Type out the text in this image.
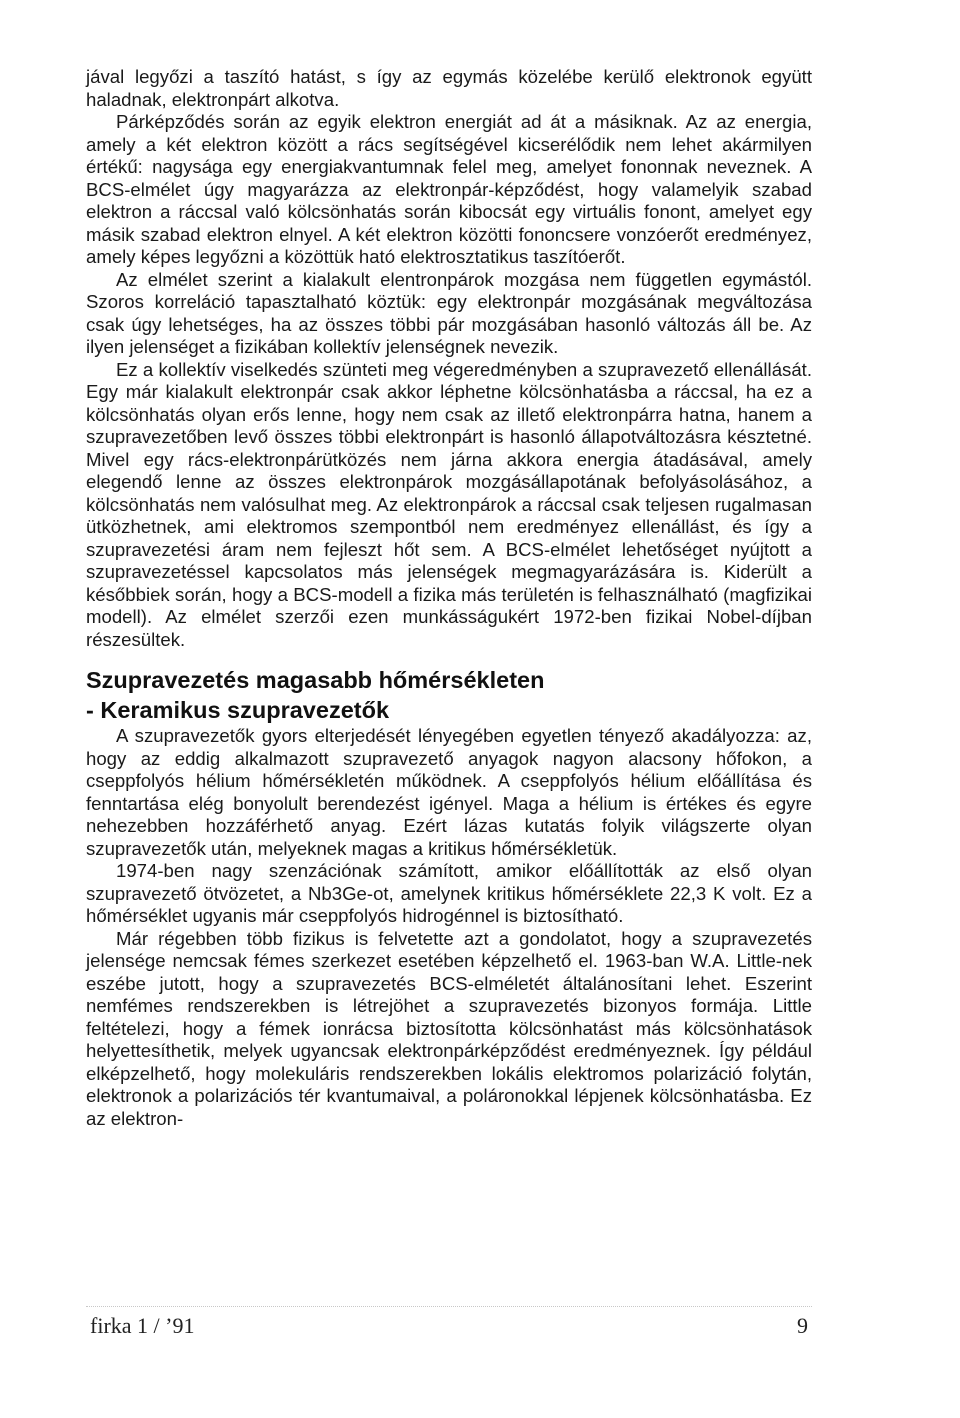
jával legyőzi a taszító hatást, s így az egymás közelébe kerülő elektronok együtt haladnak, elektronpárt alkotva.

Párképződés során az egyik elektron energiát ad át a másiknak. Az az energia, amely a két elektron között a rács segítségével kicserélődik nem lehet akármilyen értékű: nagysága egy energiakvantumnak felel meg, amelyet fononnak neveznek. A BCS-elmélet úgy magyarázza az elektronpár-képződést, hogy valamelyik szabad elektron a ráccsal való kölcsönhatás során kibocsát egy virtuális fonont, amelyet egy másik szabad elektron elnyel. A két elektron közötti fononcsere vonzóerőt eredményez, amely képes legyőzni a közöttük ható elektrosztatikus taszítóerőt.

Az elmélet szerint a kialakult elentronpárok mozgása nem független egymástól. Szoros korreláció tapasztalható köztük: egy elektronpár mozgásának megváltozása csak úgy lehetséges, ha az összes többi pár mozgásában hasonló változás áll be. Az ilyen jelenséget a fizikában kollektív jelenségnek nevezik.

Ez a kollektív viselkedés szünteti meg végeredményben a szupravezető ellenállását. Egy már kialakult elektronpár csak akkor léphetne kölcsönhatásba a ráccsal, ha ez a kölcsönhatás olyan erős lenne, hogy nem csak az illető elektronpárra hatna, hanem a szupravezetőben levő összes többi elektronpárt is hasonló állapotváltozásra késztetné. Mivel egy rács-elektronpárütközés nem járna akkora energia átadásával, amely elegendő lenne az összes elektronpárok mozgásállapotának befolyásolásához, a kölcsönhatás nem valósulhat meg. Az elektronpárok a ráccsal csak teljesen rugalmasan ütközhetnek, ami elektromos szempontból nem eredményez ellenállást, és így a szupravezetési áram nem fejleszt hőt sem. A BCS-elmélet lehetőséget nyújtott a szupravezetéssel kapcsolatos más jelenségek megmagyarázására is. Kiderült a későbbiek során, hogy a BCS-modell a fizika más területén is felhasználható (magfizikai modell). Az elmélet szerzői ezen munkásságukért 1972-ben fizikai Nobel-díjban részesültek.

Szupravezetés magasabb hőmérsékleten
- Keramikus szupravezetők

A szupravezetők gyors elterjedését lényegében egyetlen tényező akadályozza: az, hogy az eddig alkalmazott szupravezető anyagok nagyon alacsony hőfokon, a cseppfolyós hélium hőmérsékletén működnek. A cseppfolyós hélium előállítása és fenntartása elég bonyolult berendezést igényel. Maga a hélium is értékes és egyre nehezebben hozzáférhető anyag. Ezért lázas kutatás folyik világszerte olyan szupravezetők után, melyeknek magas a kritikus hőmérsékletük.

1974-ben nagy szenzációnak számított, amikor előállították az első olyan szupravezető ötvözetet, a Nb3Ge-ot, amelynek kritikus hőmérséklete 22,3 K volt. Ez a hőmérséklet ugyanis már cseppfolyós hidrogénnel is biztosítható.

Már régebben több fizikus is felvetette azt a gondolatot, hogy a szupravezetés jelensége nemcsak fémes szerkezet esetében képzelhető el. 1963-ban W.A. Little-nek eszébe jutott, hogy a szupravezetés BCS-elméletét általánosítani lehet. Eszerint nemfémes rendszerekben is létrejöhet a szupravezetés bizonyos formája. Little feltételezi, hogy a fémek ionrácsa biztosította kölcsönhatást más kölcsönhatások helyettesíthetik, melyek ugyancsak elektronpárképződést eredményeznek. Így például elképzelhető, hogy molekuláris rendszerekben lokális elektromos polarizáció folytán, elektronok a polarizációs tér kvantumaival, a poláronokkal lépjenek kölcsönhatásba. Ez az elektron-

firka 1 / ’91	9
